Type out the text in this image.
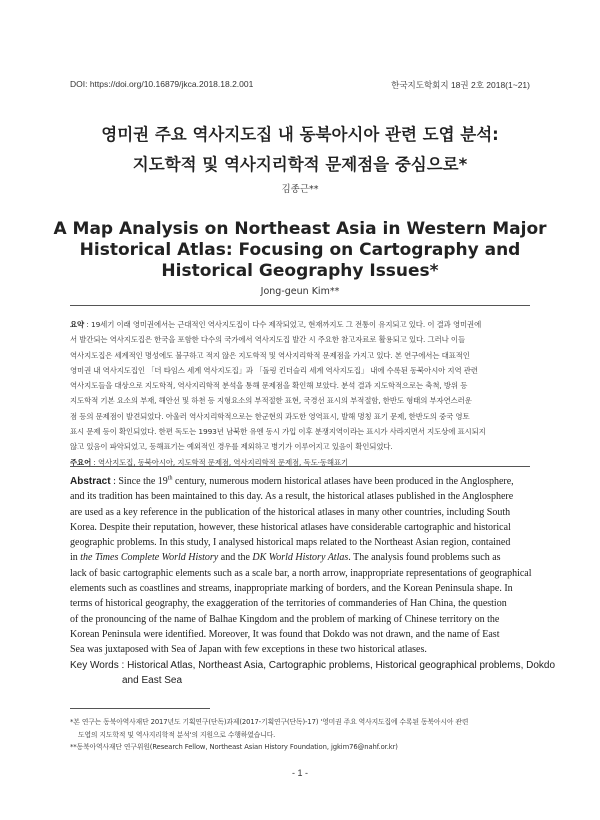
DOI: https://doi.org/10.16879/jkca.2018.18.2.001	한국지도학회지 18권 2호 2018(1~21)
영미권 주요 역사지도집 내 동북아시아 관련 도엽 분석:
지도학적 및 역사지리학적 문제점을 중심으로*
김종근**
A Map Analysis on Northeast Asia in Western Major
Historical Atlas: Focusing on Cartography and
Historical Geography Issues*
Jong-geun Kim**
요약 : 19세기 이래 영미권에서는 근대적인 역사지도집이 다수 제작되었고, 현재까지도 그 전통이 유지되고 있다. 이 결과 영미권에
서 발간되는 역사지도집은 한국을 포함한 다수의 국가에서 역사지도집 발간 시 주요한 참고자료로 활용되고 있다. 그러나 이들
역사지도집은 세계적인 명성에도 불구하고 적지 않은 지도학적 및 역사지리학적 문제점을 가지고 있다. 본 연구에서는 대표적인
영미권 내 역사지도집인 「더 타임스 세계 역사지도집」과 「돌링 킨더슬리 세계 역사지도집」 내에 수록된 동북아시아 지역 관련
역사지도들을 대상으로 지도학적, 역사지리학적 분석을 통해 문제점을 확인해 보았다. 분석 결과 지도학적으로는 축척, 방위 등
지도학적 기본 요소의 부재, 해안선 및 하천 등 지형요소의 부적절한 표현, 국경선 표시의 부적절함, 한반도 형태의 부자연스러운
점 등의 문제점이 발견되었다. 아울러 역사지리학적으로는 한군현의 과도한 영역표시, 발해 명칭 표기 문제, 한반도의 중국 영토
표시 문제 등이 확인되었다. 한편 독도는 1993년 남북한 유엔 동시 가입 이후 분쟁지역이라는 표시가 사라지면서 지도상에 표시되지
않고 있음이 파악되었고, 동해표기는 예외적인 경우를 제외하고 병기가 이루어지고 있음이 확인되었다.
주요어 : 역사지도집, 동북아시아, 지도학적 문제점, 역사지리학적 문제점, 독도·동해표기
Abstract : Since the 19th century, numerous modern historical atlases have been produced in the Anglosphere,
and its tradition has been maintained to this day. As a result, the historical atlases published in the Anglosphere
are used as a key reference in the publication of the historical atlases in many other countries, including South
Korea. Despite their reputation, however, these historical atlases have considerable cartographic and historical
geographic problems. In this study, I analysed historical maps related to the Northeast Asian region, contained
in the Times Complete World History and the DK World History Atlas. The analysis found problems such as
lack of basic cartographic elements such as a scale bar, a north arrow, inappropriate representations of geographical
elements such as coastlines and streams, inappropriate marking of borders, and the Korean Peninsula shape. In
terms of historical geography, the exaggeration of the territories of commanderies of Han China, the question
of the pronouncing of the name of Balhae Kingdom and the problem of marking of Chinese territory on the
Korean Peninsula were identified. Moreover, It was found that Dokdo was not drawn, and the name of East
Sea was juxtaposed with Sea of Japan with few exceptions in these two historical atlases.
Key Words : Historical Atlas, Northeast Asia, Cartographic problems, Historical geographical problems, Dokdo
and East Sea
*본 연구는 동북아역사재단 2017년도 기획연구(단독)과제(2017-기획연구(단독)-17) '영미권 주요 역사지도집에 수록된 동북아시아 관련
도엽의 지도학적 및 역사지리학적 분석'의 지원으로 수행하였습니다.
**동북아역사재단 연구위원(Research Fellow, Northeast Asian History Foundation, jgkim76@nahf.or.kr)
- 1 -
